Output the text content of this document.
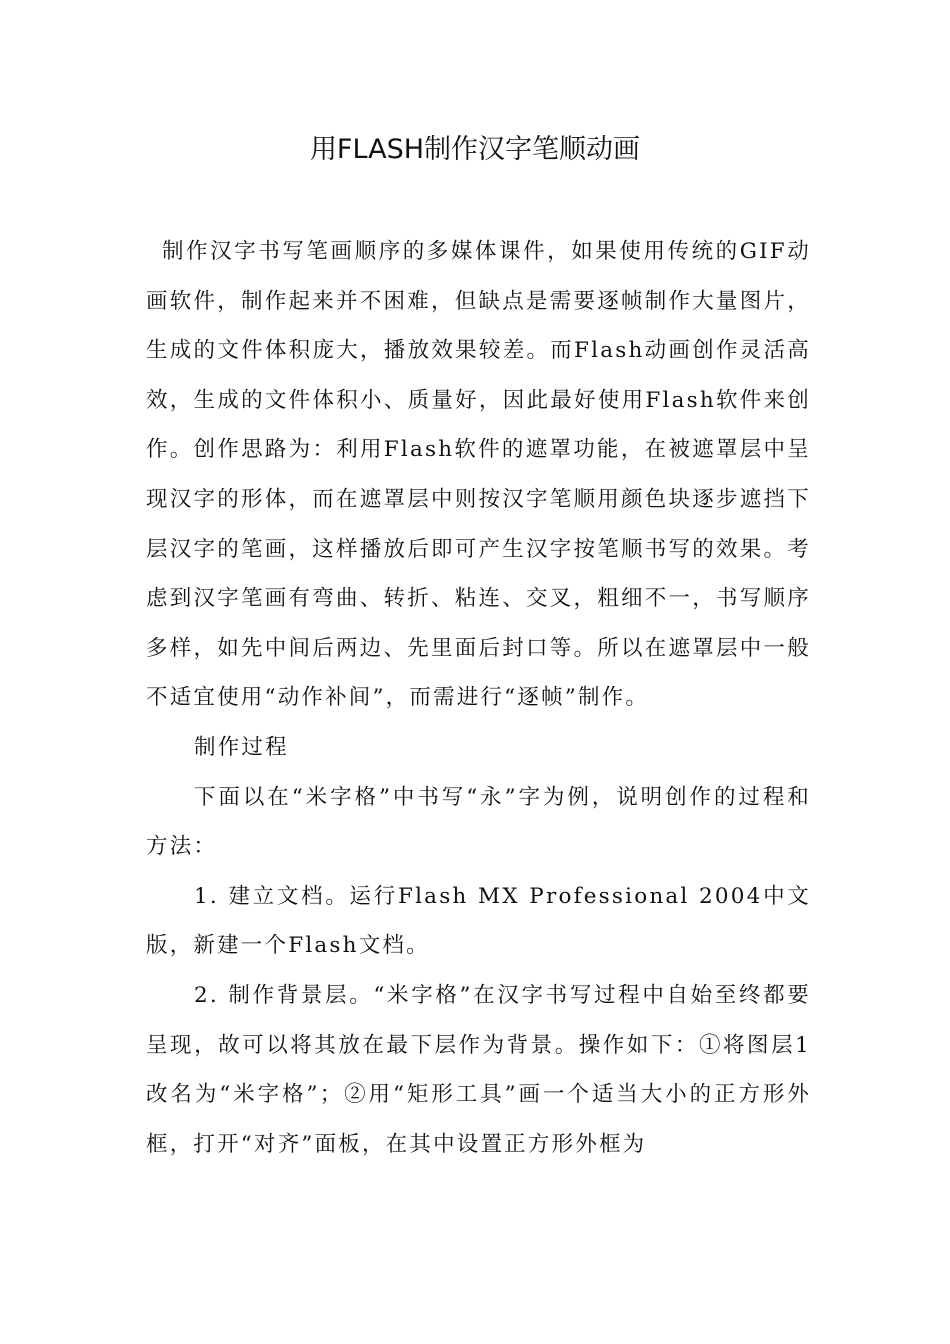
用FLASH制作汉字笔顺动画

制作汉字书写笔画顺序的多媒体课件，如果使用传统的GIF动画软件，制作起来并不困难，但缺点是需要逐帧制作大量图片，生成的文件体积庞大，播放效果较差。而Flash动画创作灵活高效，生成的文件体积小、质量好，因此最好使用Flash软件来创作。创作思路为：利用Flash软件的遮罩功能，在被遮罩层中呈现汉字的形体，而在遮罩层中则按汉字笔顺用颜色块逐步遮挡下层汉字的笔画，这样播放后即可产生汉字按笔顺书写的效果。考虑到汉字笔画有弯曲、转折、粘连、交叉，粗细不一，书写顺序多样，如先中间后两边、先里面后封口等。所以在遮罩层中一般不适宜使用“动作补间”，而需进行“逐帧”制作。

制作过程

下面以在“米字格”中书写“永”字为例，说明创作的过程和方法：

1. 建立文档。运行Flash MX Professional 2004中文版，新建一个Flash文档。

2. 制作背景层。“米字格”在汉字书写过程中自始至终都要呈现，故可以将其放在最下层作为背景。操作如下：①将图层1改名为“米字格”；②用“矩形工具”画一个适当大小的正方形外框，打开“对齐”面板，在其中设置正方形外框为
